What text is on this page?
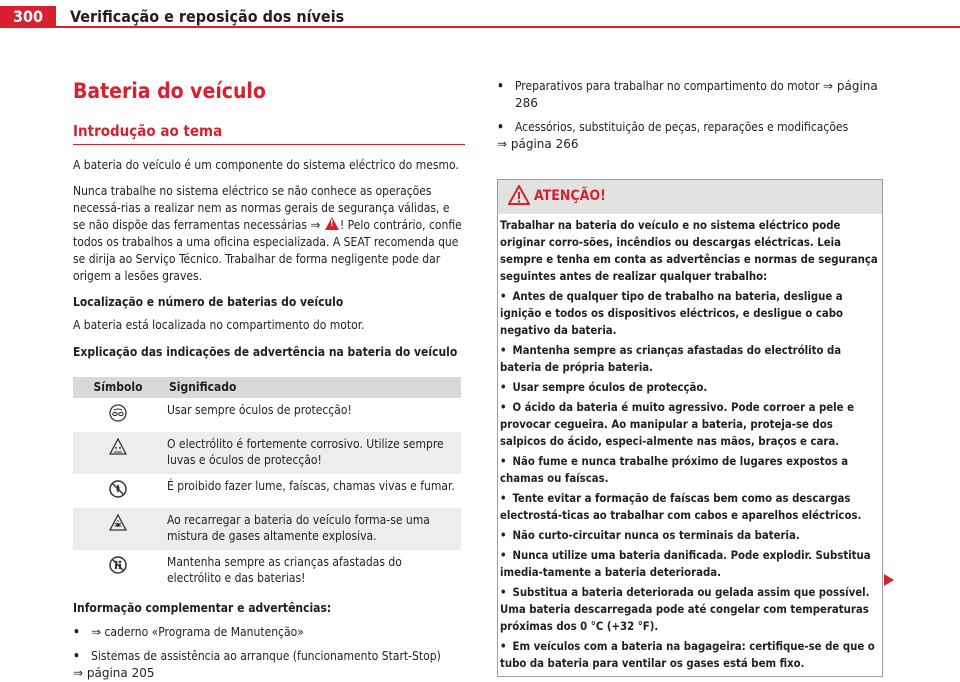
300	Verificação e reposição dos níveis
Bateria do veículo
Introdução ao tema

A bateria do veículo é um componente do sistema eléctrico do mesmo.

Nunca trabalhe no sistema eléctrico se não conhece as operações necessá-rias a realizar nem as normas gerais de segurança válidas, e se não dispõe das ferramentas necessárias ⇒ ! ! Pelo contrário, confie todos os trabalhos a uma oficina especializada. A SEAT recomenda que se dirija ao Serviço Técnico. Trabalhar de forma negligente pode dar origem a lesões graves.

Localização e número de baterias do veículo

A bateria está localizada no compartimento do motor.

Explicação das indicações de advertência na bateria do veículo

Símbolo	Significado
	Usar sempre óculos de protecção!
	O electrólito é fortemente corrosivo. Utilize sempre luvas e óculos de protecção!
	É proibido fazer lume, faíscas, chamas vivas e fumar.
	Ao recarregar a bateria do veículo forma-se uma mistura de gases altamente explosiva.
	Mantenha sempre as crianças afastadas do electrólito e das baterias!

Informação complementar e advertências:

• ⇒ caderno «Programa de Manutenção»
• Sistemas de assistência ao arranque (funcionamento Start-Stop)
⇒ página 205
• Preparativos para trabalhar no compartimento do motor ⇒ página 286
• Acessórios, substituição de peças, reparações e modificações
⇒ página 266
ATENÇÃO!

Trabalhar na bateria do veículo e no sistema eléctrico pode originar corro-sões, incêndios ou descargas eléctricas. Leia sempre e tenha em conta as advertências e normas de segurança seguintes antes de realizar qualquer trabalho:

• Antes de qualquer tipo de trabalho na bateria, desligue a ignição e todos os dispositivos eléctricos, e desligue o cabo negativo da bateria.
• Mantenha sempre as crianças afastadas do electrólito da bateria de própria bateria.
• Usar sempre óculos de protecção.
• O ácido da bateria é muito agressivo. Pode corroer a pele e provocar cegueira. Ao manipular a bateria, proteja-se dos salpicos do ácido, especi-almente nas mãos, braços e cara.
• Não fume e nunca trabalhe próximo de lugares expostos a chamas ou faíscas.
• Tente evitar a formação de faíscas bem como as descargas electrostá-ticas ao trabalhar com cabos e aparelhos eléctricos.
• Não curto-circuitar nunca os terminais da bateria.
• Nunca utilize uma bateria danificada. Pode explodir. Substitua imedia-tamente a bateria deteriorada.
• Substitua a bateria deteriorada ou gelada assim que possível. Uma bateria descarregada pode até congelar com temperaturas próximas dos 0 °C (+32 °F).
• Em veículos com a bateria na bagageira: certifique-se de que o tubo da bateria para ventilar os gases está bem fixo.
